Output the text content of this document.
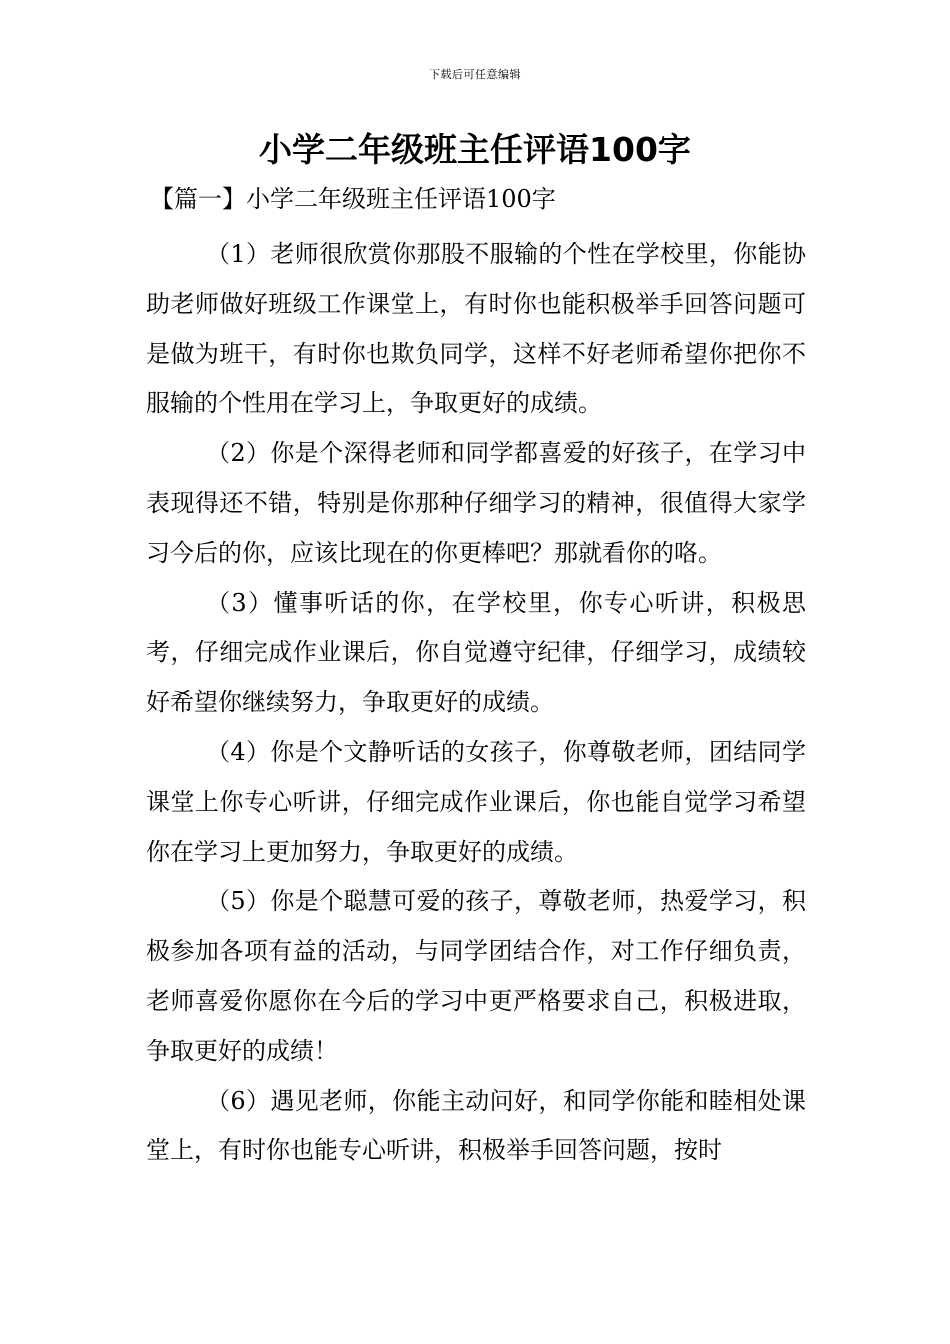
下载后可任意编辑
小学二年级班主任评语100字
【篇一】小学二年级班主任评语100字

（1）老师很欣赏你那股不服输的个性在学校里，你能协助老师做好班级工作课堂上，有时你也能积极举手回答问题可是做为班干，有时你也欺负同学，这样不好老师希望你把你不服输的个性用在学习上，争取更好的成绩。

（2）你是个深得老师和同学都喜爱的好孩子，在学习中表现得还不错，特别是你那种仔细学习的精神，很值得大家学习今后的你，应该比现在的你更棒吧？那就看你的咯。

（3）懂事听话的你，在学校里，你专心听讲，积极思考，仔细完成作业课后，你自觉遵守纪律，仔细学习，成绩较好希望你继续努力，争取更好的成绩。

（4）你是个文静听话的女孩子，你尊敬老师，团结同学课堂上你专心听讲，仔细完成作业课后，你也能自觉学习希望你在学习上更加努力，争取更好的成绩。

（5）你是个聪慧可爱的孩子，尊敬老师，热爱学习，积极参加各项有益的活动，与同学团结合作，对工作仔细负责，老师喜爱你愿你在今后的学习中更严格要求自己，积极进取，争取更好的成绩！

（6）遇见老师，你能主动问好，和同学你能和睦相处课堂上，有时你也能专心听讲，积极举手回答问题，按时
